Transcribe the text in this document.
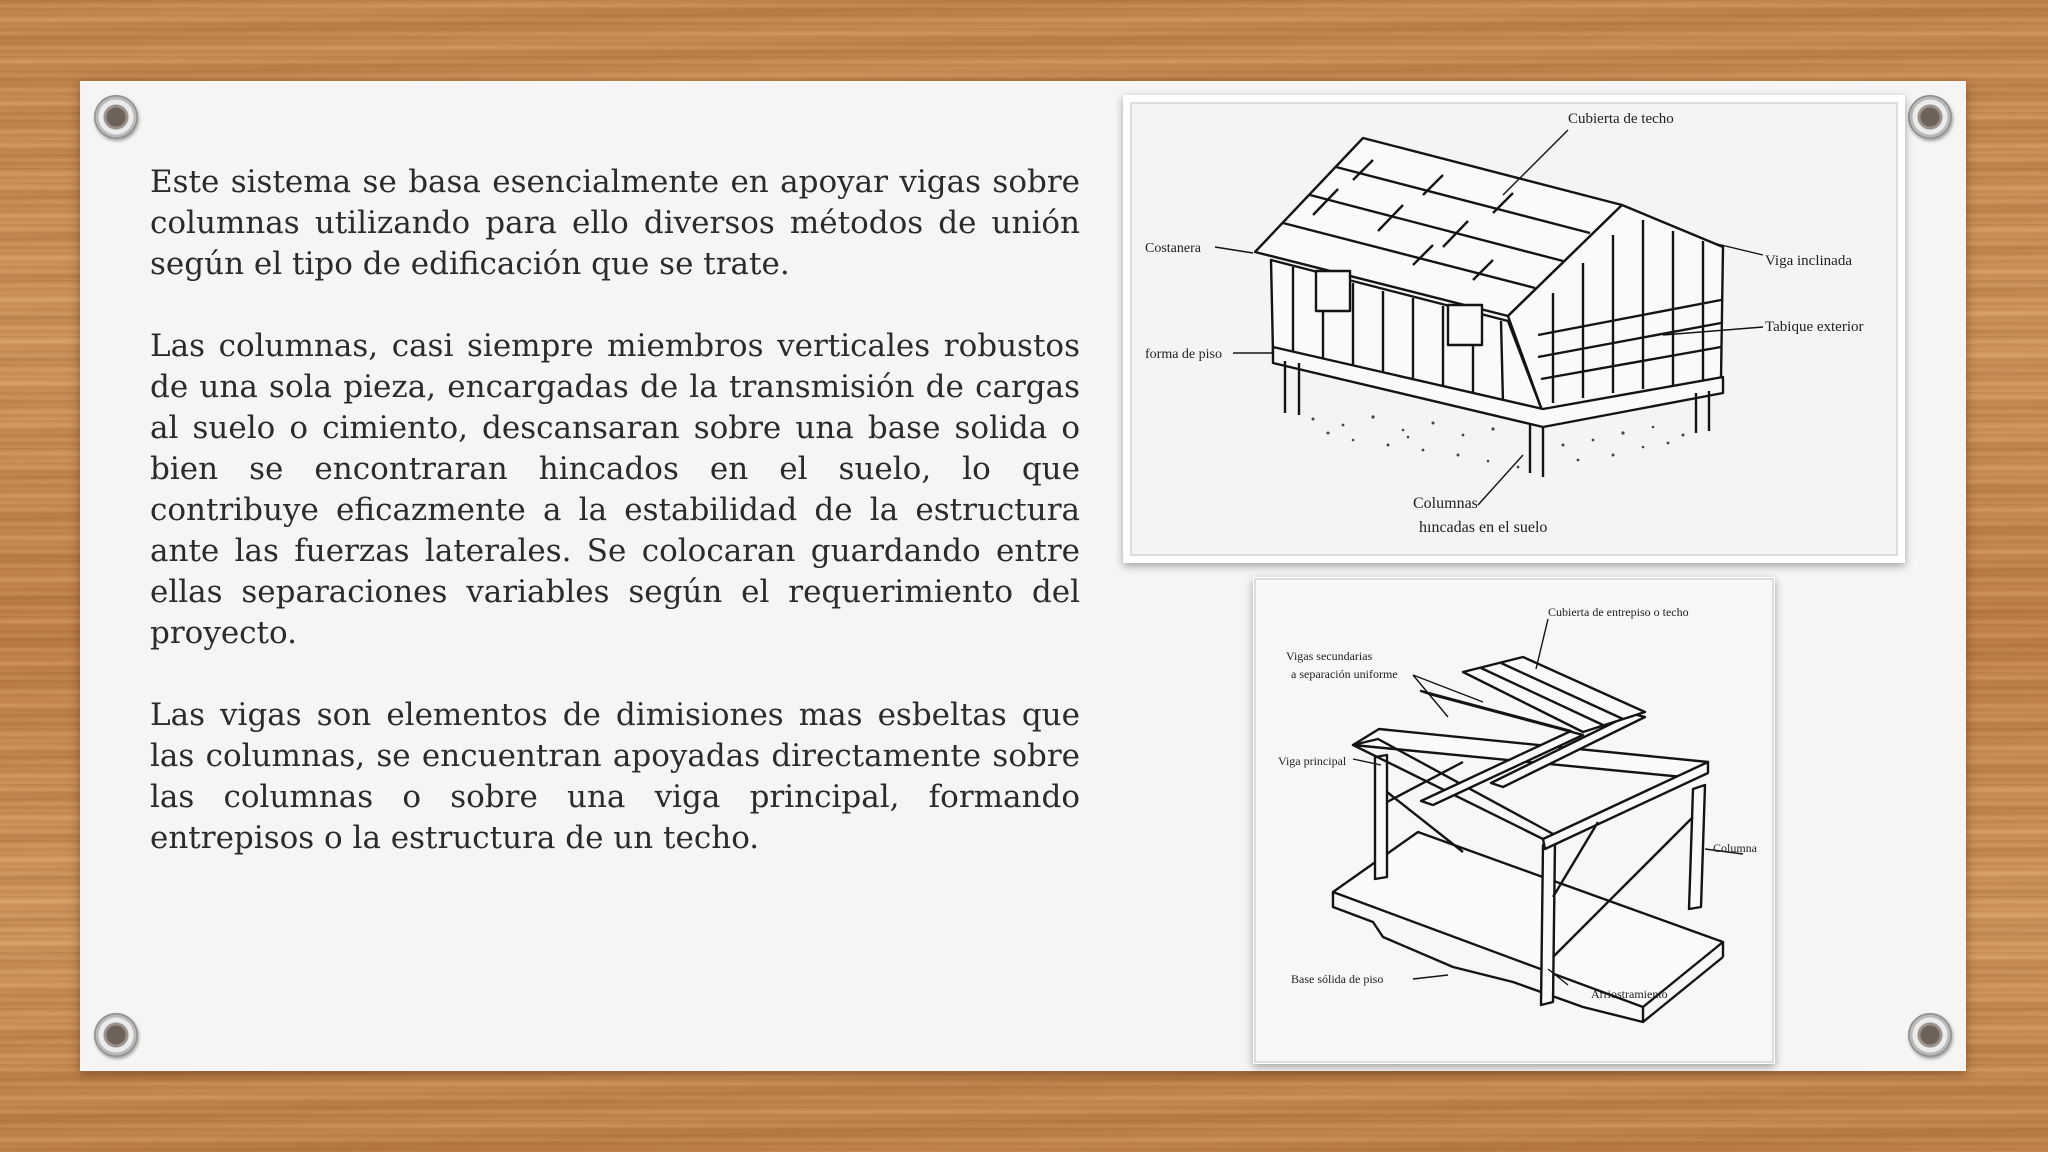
Este sistema se basa esencialmente en apoyar vigas sobre columnas utilizando para ello diversos métodos de unión según el tipo de edificación que se trate.

Las columnas, casi siempre miembros verticales robustos de una sola pieza, encargadas de la transmisión de cargas al suelo o cimiento, descansaran sobre una base solida o bien se encontraran hincados en el suelo, lo que contribuye eficazmente a la estabilidad de la estructura ante las fuerzas laterales. Se colocaran guardando entre ellas separaciones variables según el requerimiento del proyecto.

Las vigas son elementos de dimisiones mas esbeltas que las columnas, se encuentran apoyadas directamente sobre las columnas o sobre una viga principal, formando entrepisos o la estructura de un techo.

Cubierta de techo
Costanera
Viga inclinada
Tabique exterior
forma de piso
Columnas
hıncadas en el suelo
Cubierta de entrepiso o techo
Vigas secundarias
a separación uniforme
Viga principal
Columna
Base sólida de piso
Arriostramiento
